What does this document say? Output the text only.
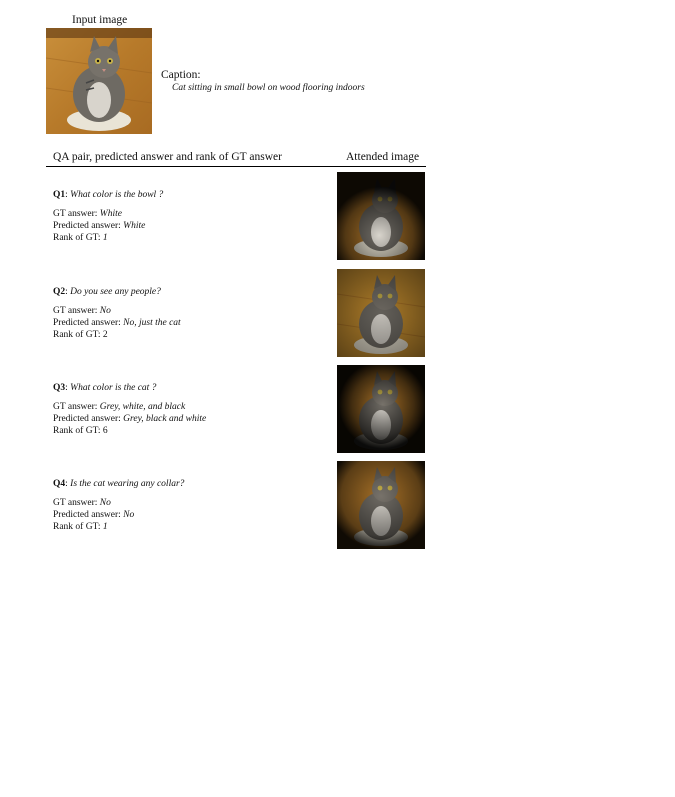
Input image
Caption:
Cat sitting in small bowl on wood flooring indoors
QA pair, predicted answer and rank of GT answer	Attended image
Q1: What color is the bowl ?
GT answer: White
Predicted answer: White
Rank of GT: 1
Q2: Do you see any people?
GT answer: No
Predicted answer: No, just the cat
Rank of GT: 2
Q3: What color is the cat ?
GT answer: Grey, white, and black
Predicted answer: Grey, black and white
Rank of GT: 6
Q4: Is the cat wearing any collar?
GT answer: No
Predicted answer: No
Rank of GT: 1
